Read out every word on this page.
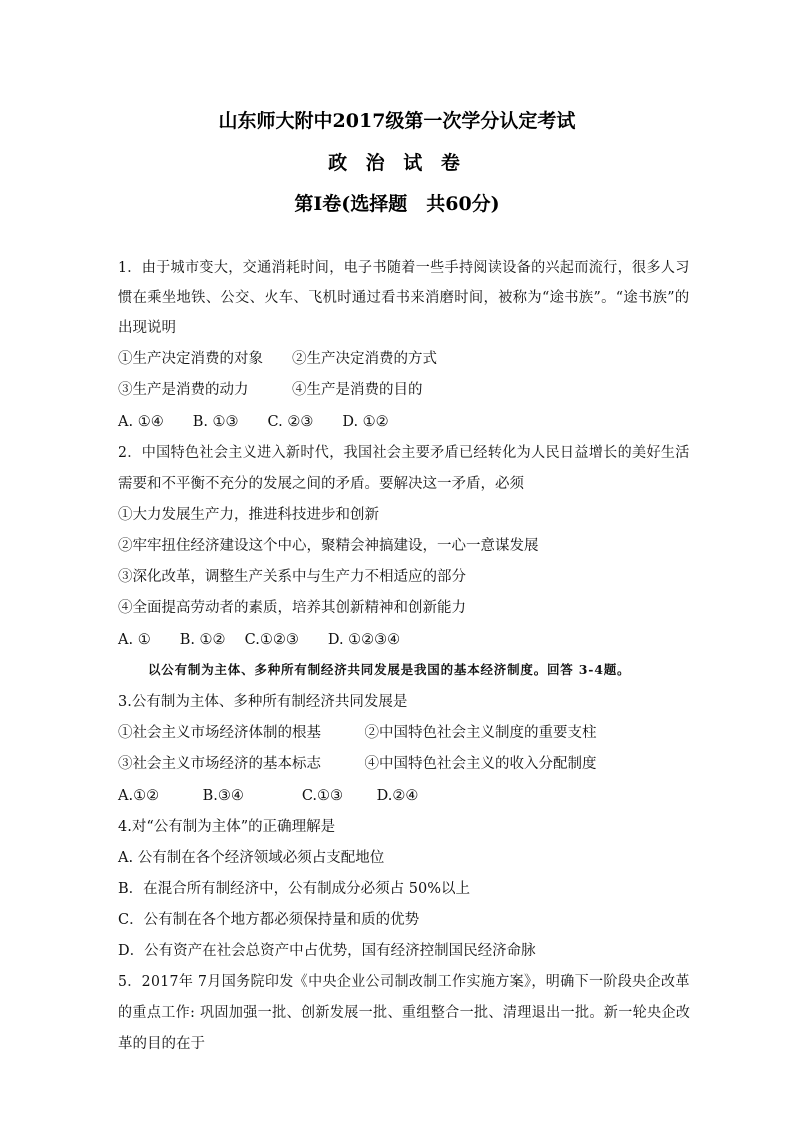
山东师大附中2017级第一次学分认定考试
政 治 试 卷
第Ⅰ卷(选择题　共60分)
1．由于城市变大，交通消耗时间，电子书随着一些手持阅读设备的兴起而流行，很多人习
惯在乘坐地铁、公交、火车、飞机时通过看书来消磨时间，被称为“途书族”。“途书族”的
出现说明
①生产决定消费的对象　　②生产决定消费的方式
③生产是消费的动力　　　④生产是消费的目的
A. ①④　　B. ①③　　C. ②③　　D. ①②
2．中国特色社会主义进入新时代，我国社会主要矛盾已经转化为人民日益增长的美好生活
需要和不平衡不充分的发展之间的矛盾。要解决这一矛盾，必须
①大力发展生产力，推进科技进步和创新
②牢牢扭住经济建设这个中心，聚精会神搞建设，一心一意谋发展
③深化改革，调整生产关系中与生产力不相适应的部分
④全面提高劳动者的素质，培养其创新精神和创新能力
A. ①　　B. ①②　 C.①②③　　D. ①②③④
以公有制为主体、多种所有制经济共同发展是我国的基本经济制度。回答 3-4题。
3.公有制为主体、多种所有制经济共同发展是
①社会主义市场经济体制的根基　　　②中国特色社会主义制度的重要支柱
③社会主义市场经济的基本标志　　　④中国特色社会主义的收入分配制度
A.①②　　　B.③④　　　　C.①③　　 D.②④
4.对“公有制为主体”的正确理解是
A. 公有制在各个经济领域必须占支配地位
B．在混合所有制经济中，公有制成分必须占 50%以上
C．公有制在各个地方都必须保持量和质的优势
D．公有资产在社会总资产中占优势，国有经济控制国民经济命脉
5．2017年 7月国务院印发《中央企业公司制改制工作实施方案》，明确下一阶段央企改革
的重点工作: 巩固加强一批、创新发展一批、重组整合一批、清理退出一批。新一轮央企改
革的目的在于
